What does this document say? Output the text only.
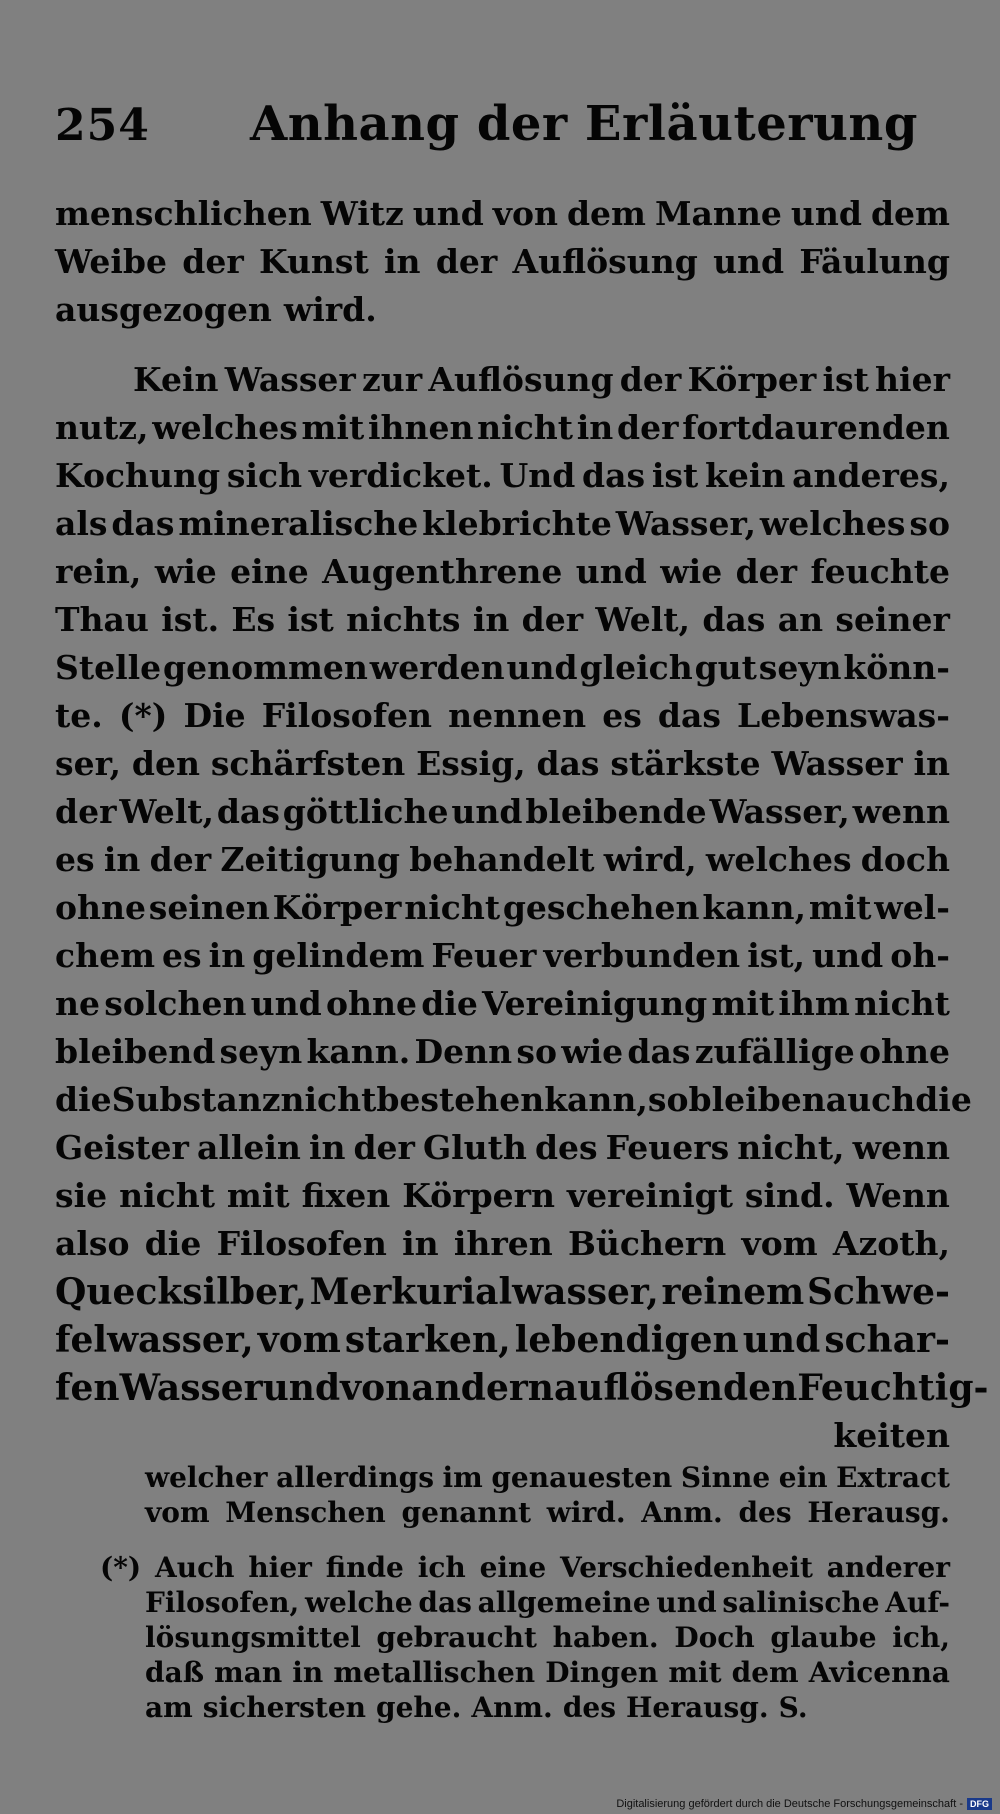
254 Anhang der Erläuterung
menschlichen Witz und von dem Manne und dem
Weibe der Kunst in der Auflösung und Fäulung
ausgezogen wird.
Kein Wasser zur Auflösung der Körper ist hier
nutz, welches mit ihnen nicht in der fortdaurenden
Kochung sich verdicket. Und das ist kein anderes,
als das mineralische klebrichte Wasser, welches so
rein, wie eine Augenthrene und wie der feuchte
Thau ist. Es ist nichts in der Welt, das an seiner
Stelle genommen werden und gleich gut seyn könn-
te. (*) Die Filosofen nennen es das Lebenswas-
ser, den schärfsten Essig, das stärkste Wasser in
der Welt, das göttliche und bleibende Wasser, wenn
es in der Zeitigung behandelt wird, welches doch
ohne seinen Körper nicht geschehen kann, mit wel-
chem es in gelindem Feuer verbunden ist, und oh-
ne solchen und ohne die Vereinigung mit ihm nicht
bleibend seyn kann. Denn so wie das zufällige ohne
die Substanz nicht bestehen kann, so bleiben auch die
Geister allein in der Gluth des Feuers nicht, wenn
sie nicht mit fixen Körpern vereinigt sind. Wenn
also die Filosofen in ihren Büchern vom Azoth,
Quecksilber, Merkurialwasser, reinem Schwe-
felwasser, vom starken, lebendigen und schar-
fen Wasser und von andern auflösenden Feuchtig-
keiten
welcher allerdings im genauesten Sinne ein Extract
vom Menschen genannt wird. Anm. des Herausg.
(*) Auch hier finde ich eine Verschiedenheit anderer
Filosofen, welche das allgemeine und salinische Auf-
lösungsmittel gebraucht haben. Doch glaube ich,
daß man in metallischen Dingen mit dem Avicenna
am sichersten gehe. Anm. des Herausg. S.
Digitalisierung gefördert durch die Deutsche Forschungsgemeinschaft - DFG
